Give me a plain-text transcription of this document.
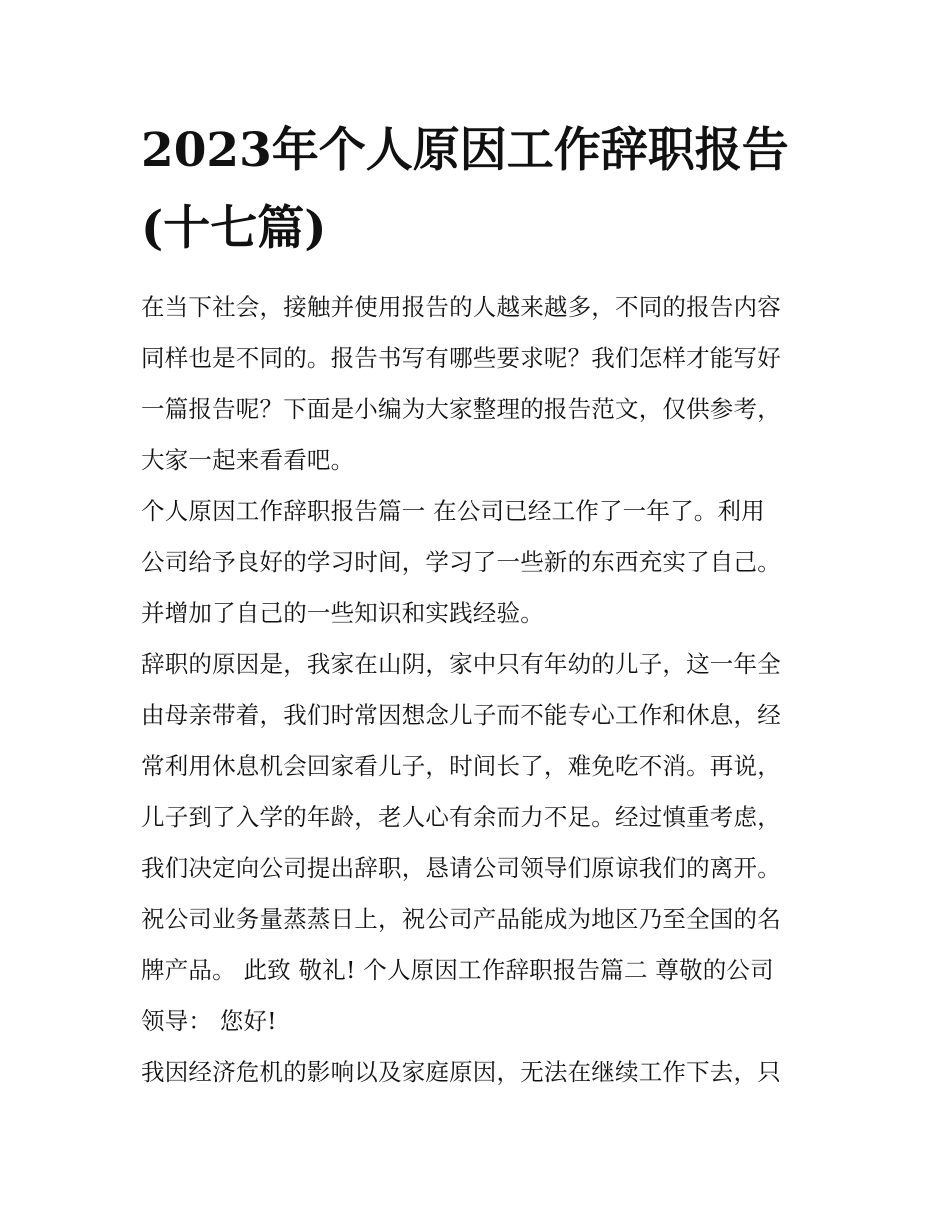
2023年个人原因工作辞职报告
(十七篇)
在当下社会，接触并使用报告的人越来越多，不同的报告内容
同样也是不同的。报告书写有哪些要求呢？我们怎样才能写好
一篇报告呢？下面是小编为大家整理的报告范文，仅供参考，
大家一起来看看吧。
个人原因工作辞职报告篇一 在公司已经工作了一年了。利用
公司给予良好的学习时间，学习了一些新的东西充实了自己。
并增加了自己的一些知识和实践经验。
辞职的原因是，我家在山阴，家中只有年幼的儿子，这一年全
由母亲带着，我们时常因想念儿子而不能专心工作和休息，经
常利用休息机会回家看儿子，时间长了，难免吃不消。再说，
儿子到了入学的年龄，老人心有余而力不足。经过慎重考虑，
我们决定向公司提出辞职，恳请公司领导们原谅我们的离开。
祝公司业务量蒸蒸日上，祝公司产品能成为地区乃至全国的名
牌产品。 此致 敬礼! 个人原因工作辞职报告篇二 尊敬的公司
领导： 您好!
我因经济危机的影响以及家庭原因，无法在继续工作下去，只
